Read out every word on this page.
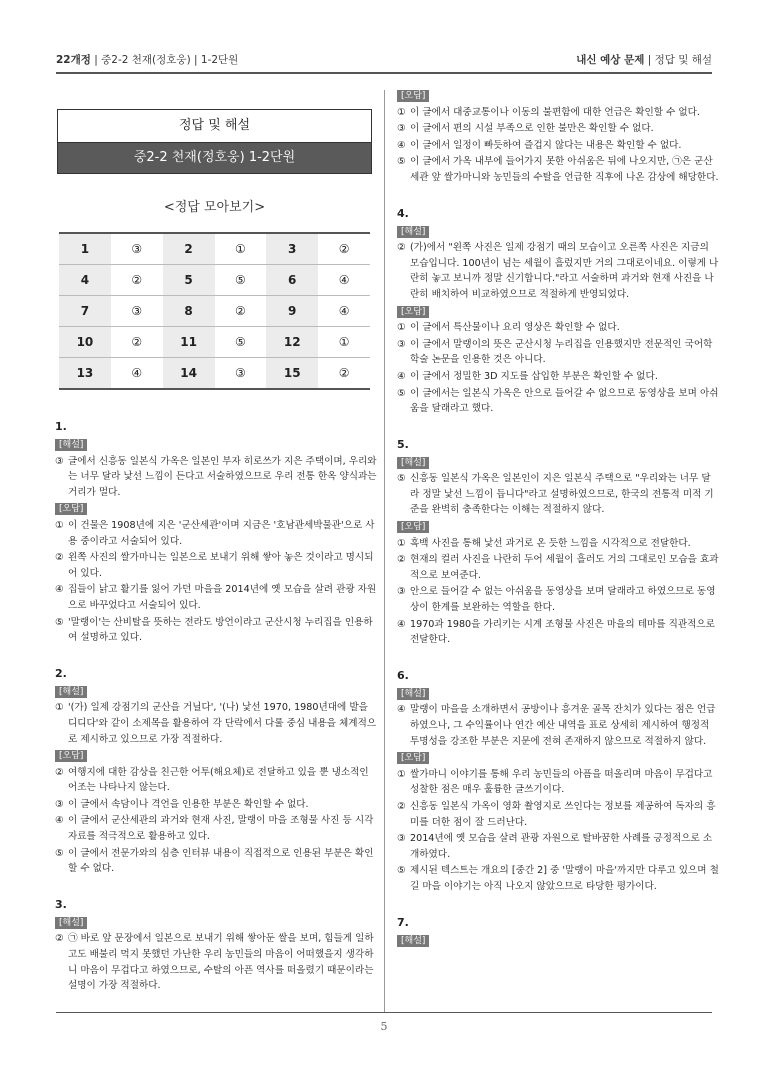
22개정 | 중2-2 천재(정호웅) | 1-2단원	내신 예상 문제 | 정답 및 해설
정답 및 해설
중2-2 천재(정호웅) 1-2단원
<정답 모아보기>
1	③	2	①	3	②
4	②	5	⑤	6	④
7	③	8	②	9	④
10	②	11	⑤	12	①
13	④	14	③	15	②
1.
[해설]
③ 글에서 신흥동 일본식 가옥은 일본인 부자 히로쓰가 지은 주택이며, 우리와는 너무 달라 낯선 느낌이 든다고 서술하였으므로 우리 전통 한옥 양식과는 거리가 멀다.
[오답]
① 이 건물은 1908년에 지은 '군산세관'이며 지금은 '호남관세박물관'으로 사용 중이라고 서술되어 있다.
② 왼쪽 사진의 쌀가마니는 일본으로 보내기 위해 쌓아 놓은 것이라고 명시되어 있다.
④ 집들이 낡고 활기를 잃어 가던 마을을 2014년에 옛 모습을 살려 관광 자원으로 바꾸었다고 서술되어 있다.
⑤ '말랭이'는 산비탈을 뜻하는 전라도 방언이라고 군산시청 누리집을 인용하여 설명하고 있다.
2.
[해설]
① '(가) 일제 강점기의 군산을 거닐다', '(나) 낯선 1970, 1980년대에 발을 디디다'와 같이 소제목을 활용하여 각 단락에서 다룰 중심 내용을 체계적으로 제시하고 있으므로 가장 적절하다.
[오답]
② 여행지에 대한 감상을 친근한 어투(해요체)로 전달하고 있을 뿐 냉소적인 어조는 나타나지 않는다.
③ 이 글에서 속담이나 격언을 인용한 부분은 확인할 수 없다.
④ 이 글에서 군산세관의 과거와 현재 사진, 말랭이 마을 조형물 사진 등 시각 자료를 적극적으로 활용하고 있다.
⑤ 이 글에서 전문가와의 심층 인터뷰 내용이 직접적으로 인용된 부분은 확인할 수 없다.
3.
[해설]
② ㉠ 바로 앞 문장에서 일본으로 보내기 위해 쌓아둔 쌀을 보며, 힘들게 일하고도 배불리 먹지 못했던 가난한 우리 농민들의 마음이 어떠했을지 생각하니 마음이 무겁다고 하였으므로, 수탈의 아픈 역사를 떠올렸기 때문이라는 설명이 가장 적절하다.
[오답]
① 이 글에서 대중교통이나 이동의 불편함에 대한 언급은 확인할 수 없다.
③ 이 글에서 편의 시설 부족으로 인한 불만은 확인할 수 없다.
④ 이 글에서 일정이 빠듯하여 즐겁지 않다는 내용은 확인할 수 없다.
⑤ 이 글에서 가옥 내부에 들어가지 못한 아쉬움은 뒤에 나오지만, ㉠은 군산세관 앞 쌀가마니와 농민들의 수탈을 언급한 직후에 나온 감상에 해당한다.
4.
[해설]
② (가)에서 "왼쪽 사진은 일제 강점기 때의 모습이고 오른쪽 사진은 지금의 모습입니다. 100년이 넘는 세월이 흘렀지만 거의 그대로이네요. 이렇게 나란히 놓고 보니까 정말 신기합니다."라고 서술하며 과거와 현재 사진을 나란히 배치하여 비교하였으므로 적절하게 반영되었다.
[오답]
① 이 글에서 특산물이나 요리 영상은 확인할 수 없다.
③ 이 글에서 말랭이의 뜻은 군산시청 누리집을 인용했지만 전문적인 국어학 학술 논문을 인용한 것은 아니다.
④ 이 글에서 정밀한 3D 지도를 삽입한 부분은 확인할 수 없다.
⑤ 이 글에서는 일본식 가옥은 안으로 들어갈 수 없으므로 동영상을 보며 아쉬움을 달래라고 했다.
5.
[해설]
⑤ 신흥동 일본식 가옥은 일본인이 지은 일본식 주택으로 "우리와는 너무 달라 정말 낯선 느낌이 듭니다"라고 설명하였으므로, 한국의 전통적 미적 기준을 완벽히 충족한다는 이해는 적절하지 않다.
[오답]
① 흑백 사진을 통해 낯선 과거로 온 듯한 느낌을 시각적으로 전달한다.
② 현재의 컬러 사진을 나란히 두어 세월이 흘러도 거의 그대로인 모습을 효과적으로 보여준다.
③ 안으로 들어갈 수 없는 아쉬움을 동영상을 보며 달래라고 하였으므로 동영상이 한계를 보완하는 역할을 한다.
④ 1970과 1980을 가리키는 시계 조형물 사진은 마을의 테마를 직관적으로 전달한다.
6.
[해설]
④ 말랭이 마을을 소개하면서 공방이나 흥겨운 골목 잔치가 있다는 점은 언급하였으나, 그 수익률이나 연간 예산 내역을 표로 상세히 제시하여 행정적 투명성을 강조한 부분은 지문에 전혀 존재하지 않으므로 적절하지 않다.
[오답]
① 쌀가마니 이야기를 통해 우리 농민들의 아픔을 떠올리며 마음이 무겁다고 성찰한 점은 매우 훌륭한 글쓰기이다.
② 신흥동 일본식 가옥이 영화 촬영지로 쓰인다는 정보를 제공하여 독자의 흥미를 더한 점이 잘 드러난다.
③ 2014년에 옛 모습을 살려 관광 자원으로 탈바꿈한 사례를 긍정적으로 소개하였다.
⑤ 제시된 텍스트는 개요의 [중간 2] 중 '말랭이 마을'까지만 다루고 있으며 철길 마을 이야기는 아직 나오지 않았으므로 타당한 평가이다.
7.
[해설]
5
